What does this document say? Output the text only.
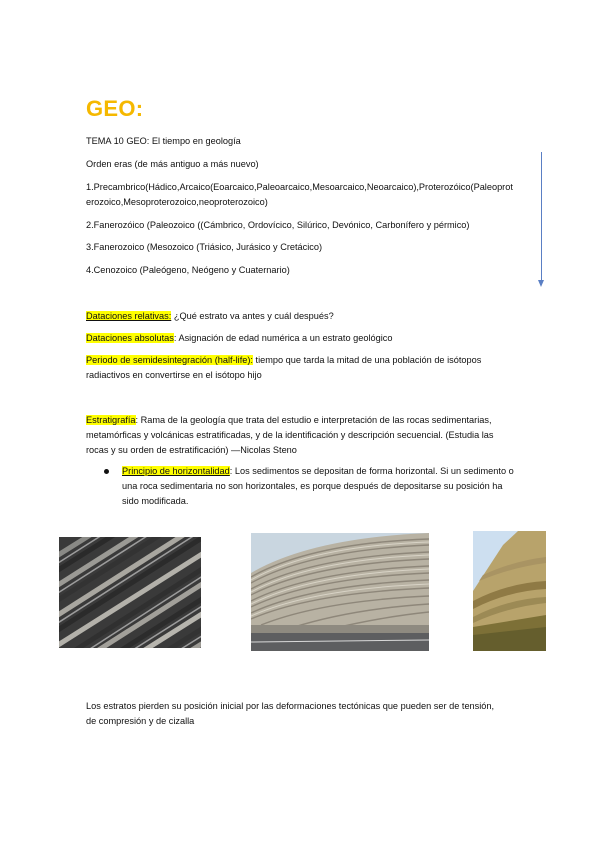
GEO:
TEMA 10 GEO: El tiempo en geología
Orden eras (de más antiguo a más nuevo)
1.Precambrico(Hádico,Arcaico(Eoarcaico,Paleoarcaico,Mesoarcaico,Neoarcaico),Proterozóico(Paleoproterozoico,Mesoproterozoico,neoproterozoico)
2.Fanerozóico (Paleozoico ((Cámbrico, Ordovícico, Silúrico, Devónico, Carbonífero y pérmico)
3.Fanerozoico (Mesozoico (Triásico, Jurásico y Cretácico)
4.Cenozoico (Paleógeno, Neógeno y Cuaternario)
Dataciones relativas: ¿Qué estrato va antes y cuál después?
Dataciones absolutas: Asignación de edad numérica a un estrato geológico
Periodo de semidesintegración (half-life): tiempo que tarda la mitad de una población de isótopos radiactivos en convertirse en el isótopo hijo
Estratigrafía: Rama de la geología que trata del estudio e interpretación de las rocas sedimentarias, metamórficas y volcánicas estratificadas, y de la identificación y descripción secuencial. (Estudia las rocas y su orden de estratificación) —Nicolas Steno
Principio de horizontalidad: Los sedimentos se depositan de forma horizontal. Si un sedimento o una roca sedimentaria no son horizontales, es porque después de depositarse su posición ha sido modificada.
Los estratos pierden su posición inicial por las deformaciones tectónicas que pueden ser de tensión, de compresión y de cizalla
